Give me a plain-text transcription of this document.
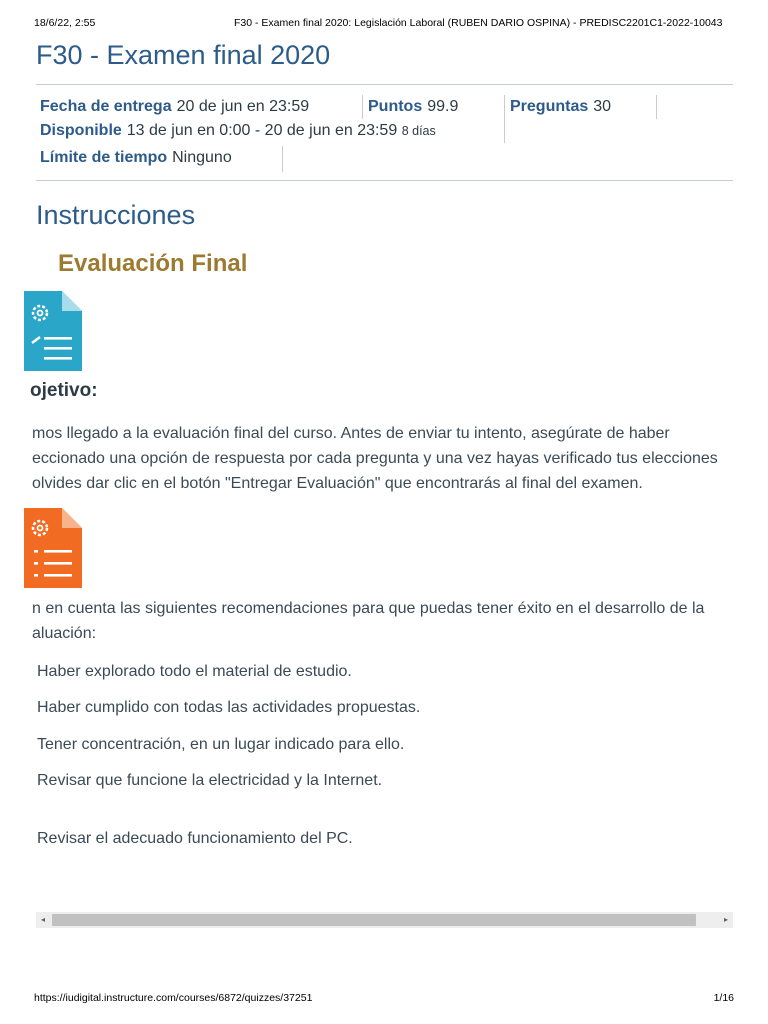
18/6/22, 2:55	F30 - Examen final 2020: Legislación Laboral (RUBEN DARIO OSPINA) - PREDISC2201C1-2022-10043
F30 - Examen final 2020
Fecha de entrega 20 de jun en 23:59	Puntos 99.9	Preguntas 30
Disponible 13 de jun en 0:00 - 20 de jun en 23:59 8 días
Límite de tiempo Ninguno
Instrucciones
Evaluación Final
ojetivo:
mos llegado a la evaluación final del curso. Antes de enviar tu intento, asegúrate de haber
eccionado una opción de respuesta por cada pregunta y una vez hayas verificado tus elecciones
olvides dar clic en el botón "Entregar Evaluación" que encontrarás al final del examen.
n en cuenta las siguientes recomendaciones para que puedas tener éxito en el desarrollo de la
aluación:
Haber explorado todo el material de estudio.
Haber cumplido con todas las actividades propuestas.
Tener concentración, en un lugar indicado para ello.
Revisar que funcione la electricidad y la Internet.
Revisar el adecuado funcionamiento del PC.
◂	▸
https://iudigital.instructure.com/courses/6872/quizzes/37251	1/16
